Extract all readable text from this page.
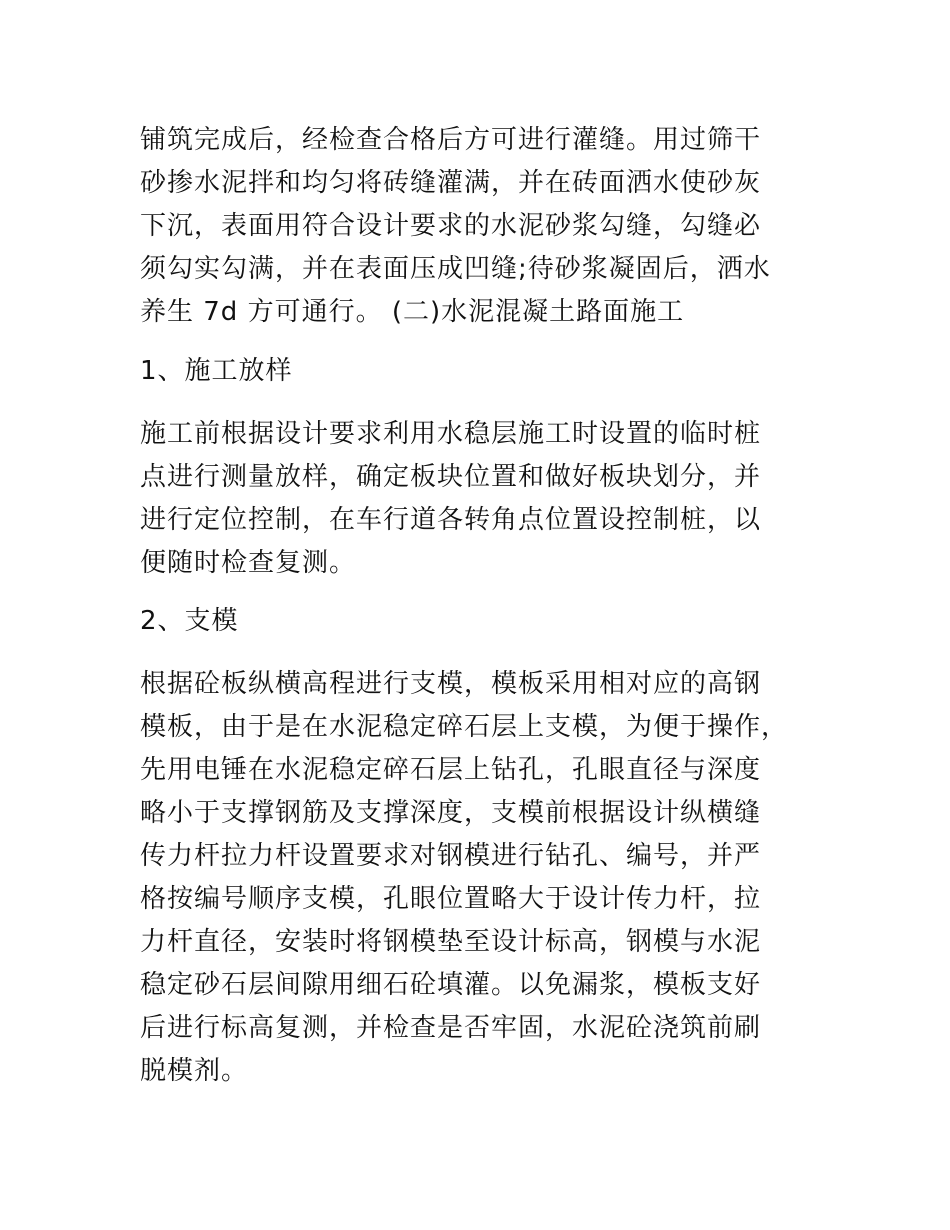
铺筑完成后，经检查合格后方可进行灌缝。用过筛干
砂掺水泥拌和均匀将砖缝灌满，并在砖面洒水使砂灰
下沉，表面用符合设计要求的水泥砂浆勾缝，勾缝必
须勾实勾满，并在表面压成凹缝;待砂浆凝固后，洒水
养生 7d 方可通行。 (二)水泥混凝土路面施工
1、施工放样
施工前根据设计要求利用水稳层施工时设置的临时桩
点进行测量放样，确定板块位置和做好板块划分，并
进行定位控制，在车行道各转角点位置设控制桩，以
便随时检查复测。
2、支模
根据砼板纵横高程进行支模，模板采用相对应的高钢
模板，由于是在水泥稳定碎石层上支模，为便于操作，
先用电锤在水泥稳定碎石层上钻孔，孔眼直径与深度
略小于支撑钢筋及支撑深度，支模前根据设计纵横缝
传力杆拉力杆设置要求对钢模进行钻孔、编号，并严
格按编号顺序支模，孔眼位置略大于设计传力杆，拉
力杆直径，安装时将钢模垫至设计标高，钢模与水泥
稳定砂石层间隙用细石砼填灌。以免漏浆，模板支好
后进行标高复测，并检查是否牢固，水泥砼浇筑前刷
脱模剂。
